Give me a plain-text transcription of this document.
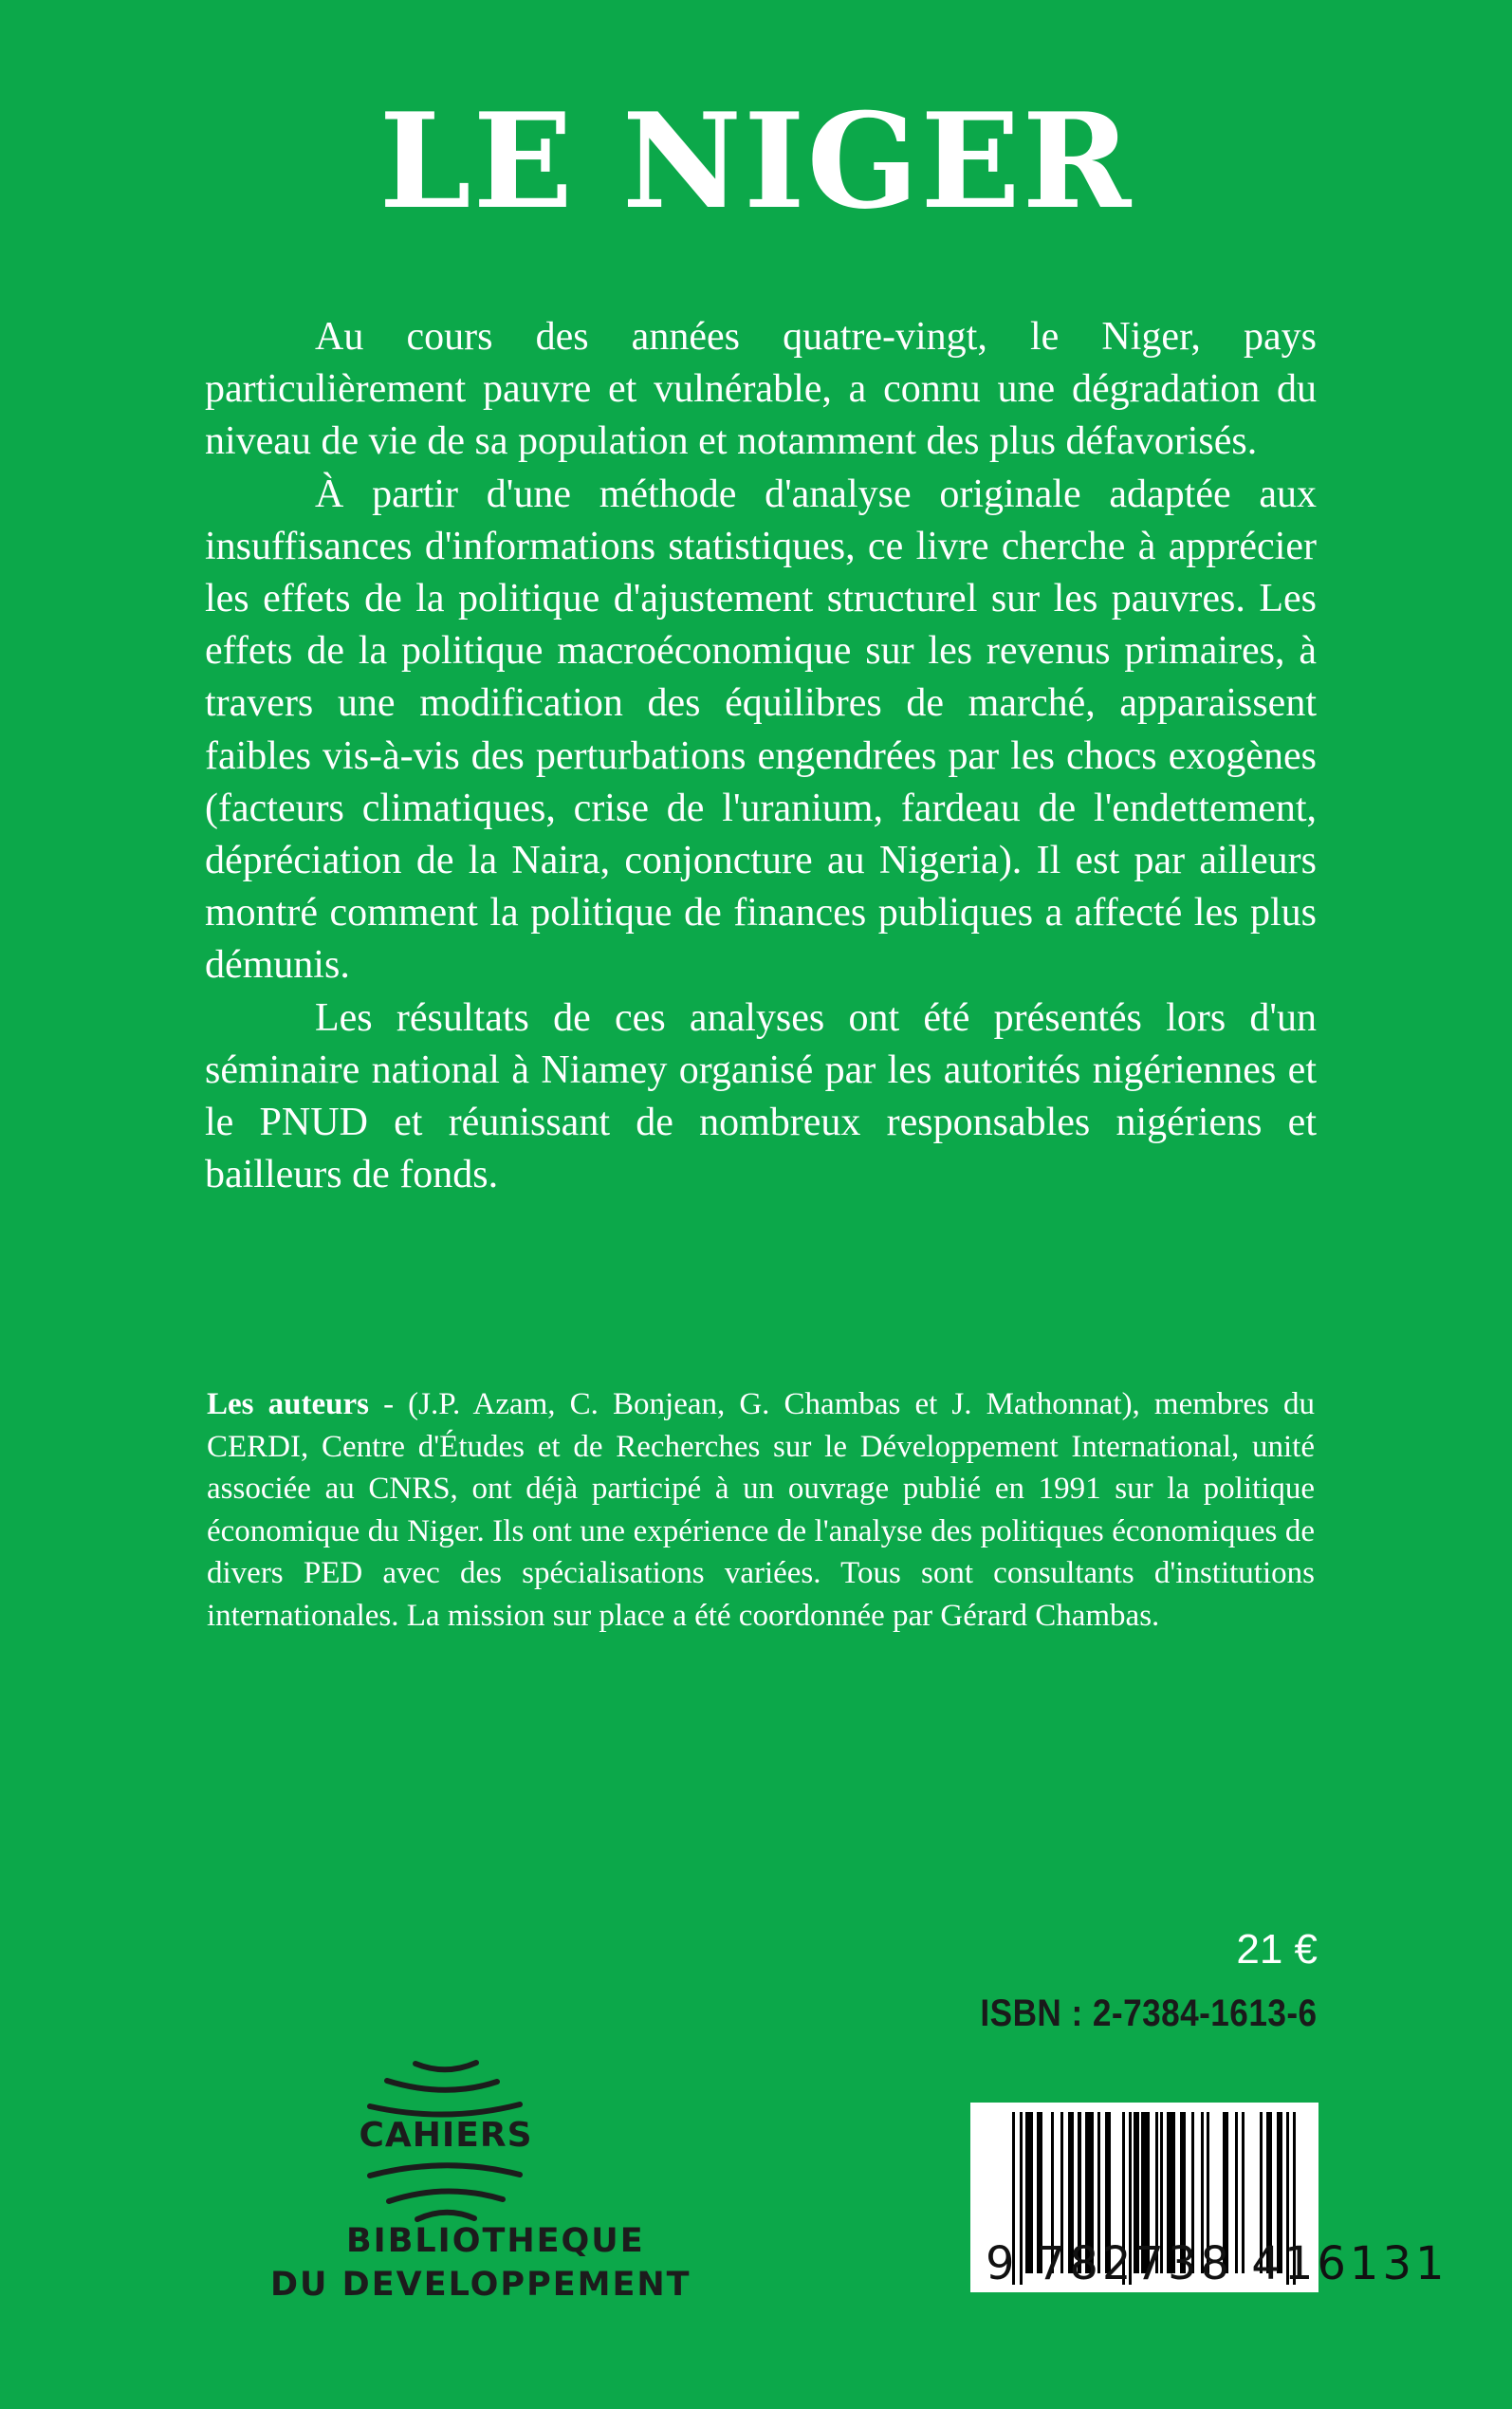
LE NIGER

Au cours des années quatre-vingt, le Niger, pays particulièrement pauvre et vulnérable, a connu une dégradation du niveau de vie de sa population et notamment des plus défavorisés.

À partir d'une méthode d'analyse originale adaptée aux insuffisances d'informations statistiques, ce livre cherche à apprécier les effets de la politique d'ajustement structurel sur les pauvres. Les effets de la politique macroéconomique sur les revenus primaires, à travers une modification des équilibres de marché, apparaissent faibles vis-à-vis des perturbations engendrées par les chocs exogènes (facteurs climatiques, crise de l'uranium, fardeau de l'endettement, dépréciation de la Naira, conjoncture au Nigeria). Il est par ailleurs montré comment la politique de finances publiques a affecté les plus démunis.

Les résultats de ces analyses ont été présentés lors d'un séminaire national à Niamey organisé par les autorités nigériennes et le PNUD et réunissant de nombreux responsables nigériens et bailleurs de fonds.

Les auteurs - (J.P. Azam, C. Bonjean, G. Chambas et J. Mathonnat), membres du CERDI, Centre d'Études et de Recherches sur le Développement International, unité associée au CNRS, ont déjà participé à un ouvrage publié en 1991 sur la politique économique du Niger. Ils ont une expérience de l'analyse des politiques économiques de divers PED avec des spécialisations variées. Tous sont consultants d'institutions internationales. La mission sur place a été coordonnée par Gérard Chambas.

21 €
ISBN : 2-7384-1613-6
CAHIERS
BIBLIOTHEQUE
DU DEVELOPPEMENT	9 782738 416131
